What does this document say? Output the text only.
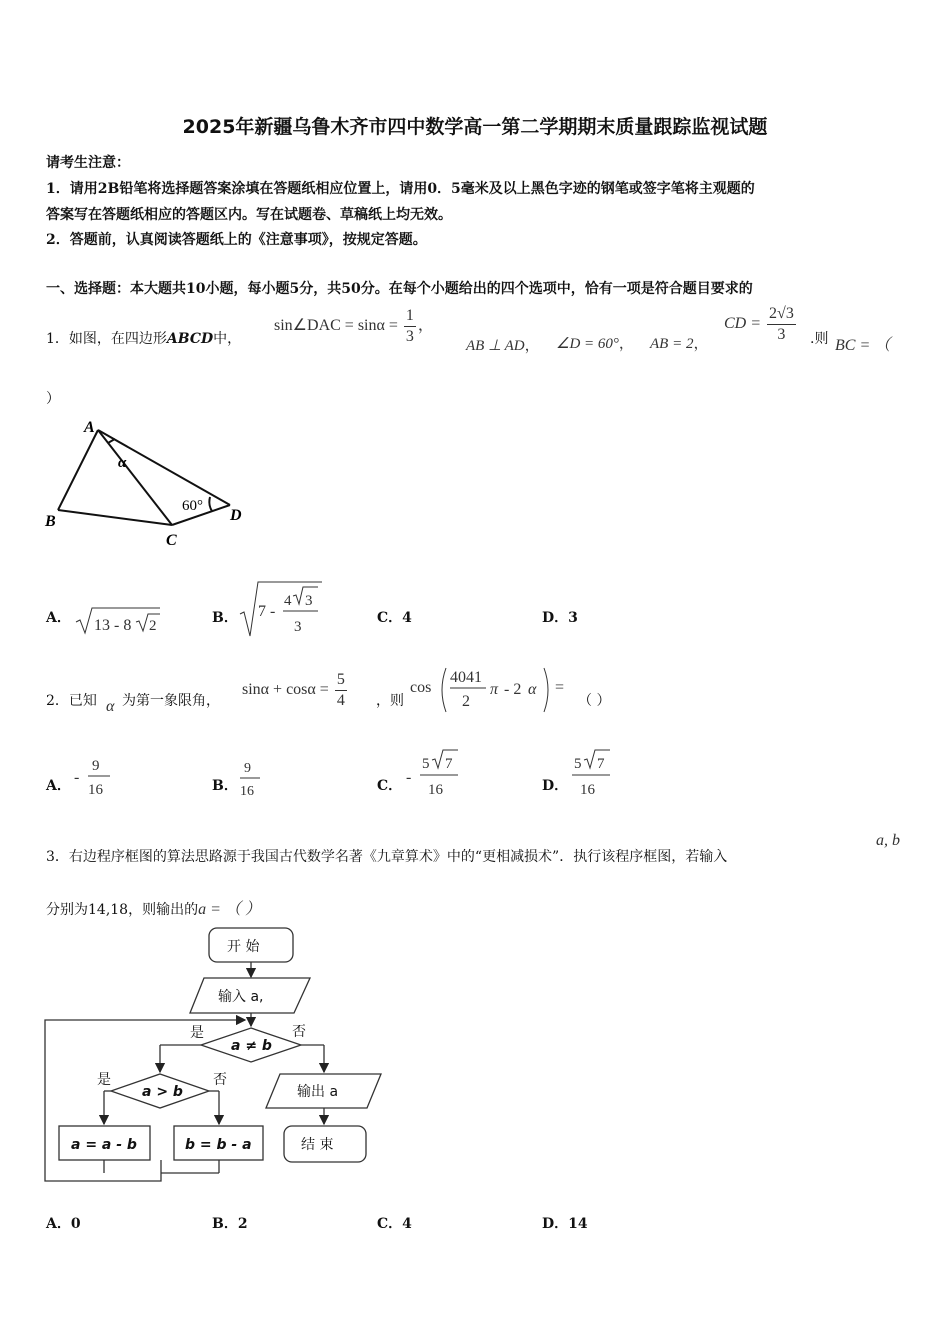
2025年新疆乌鲁木齐市四中数学高一第二学期期末质量跟踪监视试题
请考生注意：
1．请用2B铅笔将选择题答案涂填在答题纸相应位置上，请用0．5毫米及以上黑色字迹的钢笔或签字笔将主观题的
答案写在答题纸相应的答题区内。写在试题卷、草稿纸上均无效。
2．答题前，认真阅读答题纸上的《注意事项》，按规定答题。
一、选择题：本大题共10小题，每小题5分，共50分。在每个小题给出的四个选项中，恰有一项是符合题目要求的
1．如图，在四边形ABCD中，
sin∠DAC = $\sin\alpha = \frac{1}{3}$ ，
AB ⊥ AD， ∠D = 60°， AB = 2，
CD = $\frac{2√3}{3}$ .则 BC = （
）
A
B
C
D
α
60°
A． 13 - 8 2	B． 7 -
4 3
3
C．4	D．3
2．已知 α 为第一象限角，
$\sin\alpha + \cos\alpha = \frac{5}{4}$ ，则
cos
4041
2
π - 2 α =
（ ）
A． -
9
16	B．
9
16	C． -
5 7
16	D．
5 7
16
3．右边程序框图的算法思路源于我国古代数学名著《九章算术》中的“更相减损术”．执行该程序框图，若输入
a, b
分别为14,18，则输出的a = （ ）
开 始
输入 a,
是	否
a ≠ b
是	否
a > b	输出 a
结 束
a = a - b	b = b - a
A．0	B．2	C．4	D．14
